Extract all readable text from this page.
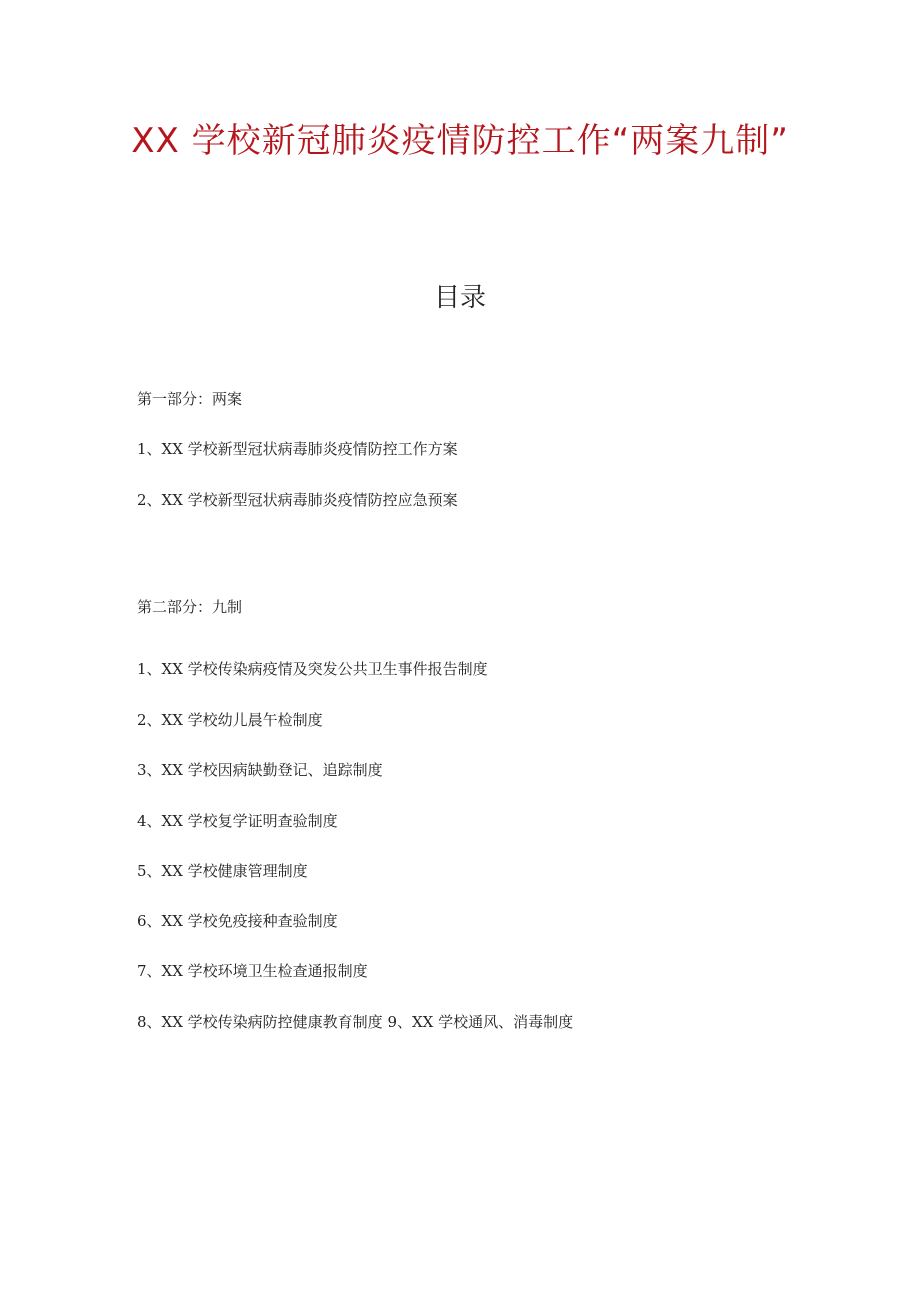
XX 学校新冠肺炎疫情防控工作“两案九制”
目录
第一部分：两案
1、XX 学校新型冠状病毒肺炎疫情防控工作方案
2、XX 学校新型冠状病毒肺炎疫情防控应急预案
第二部分：九制
1、XX 学校传染病疫情及突发公共卫生事件报告制度
2、XX 学校幼儿晨午检制度
3、XX 学校因病缺勤登记、追踪制度
4、XX 学校复学证明查验制度
5、XX 学校健康管理制度
6、XX 学校免疫接种查验制度
7、XX 学校环境卫生检查通报制度
8、XX 学校传染病防控健康教育制度 9、XX 学校通风、消毒制度
